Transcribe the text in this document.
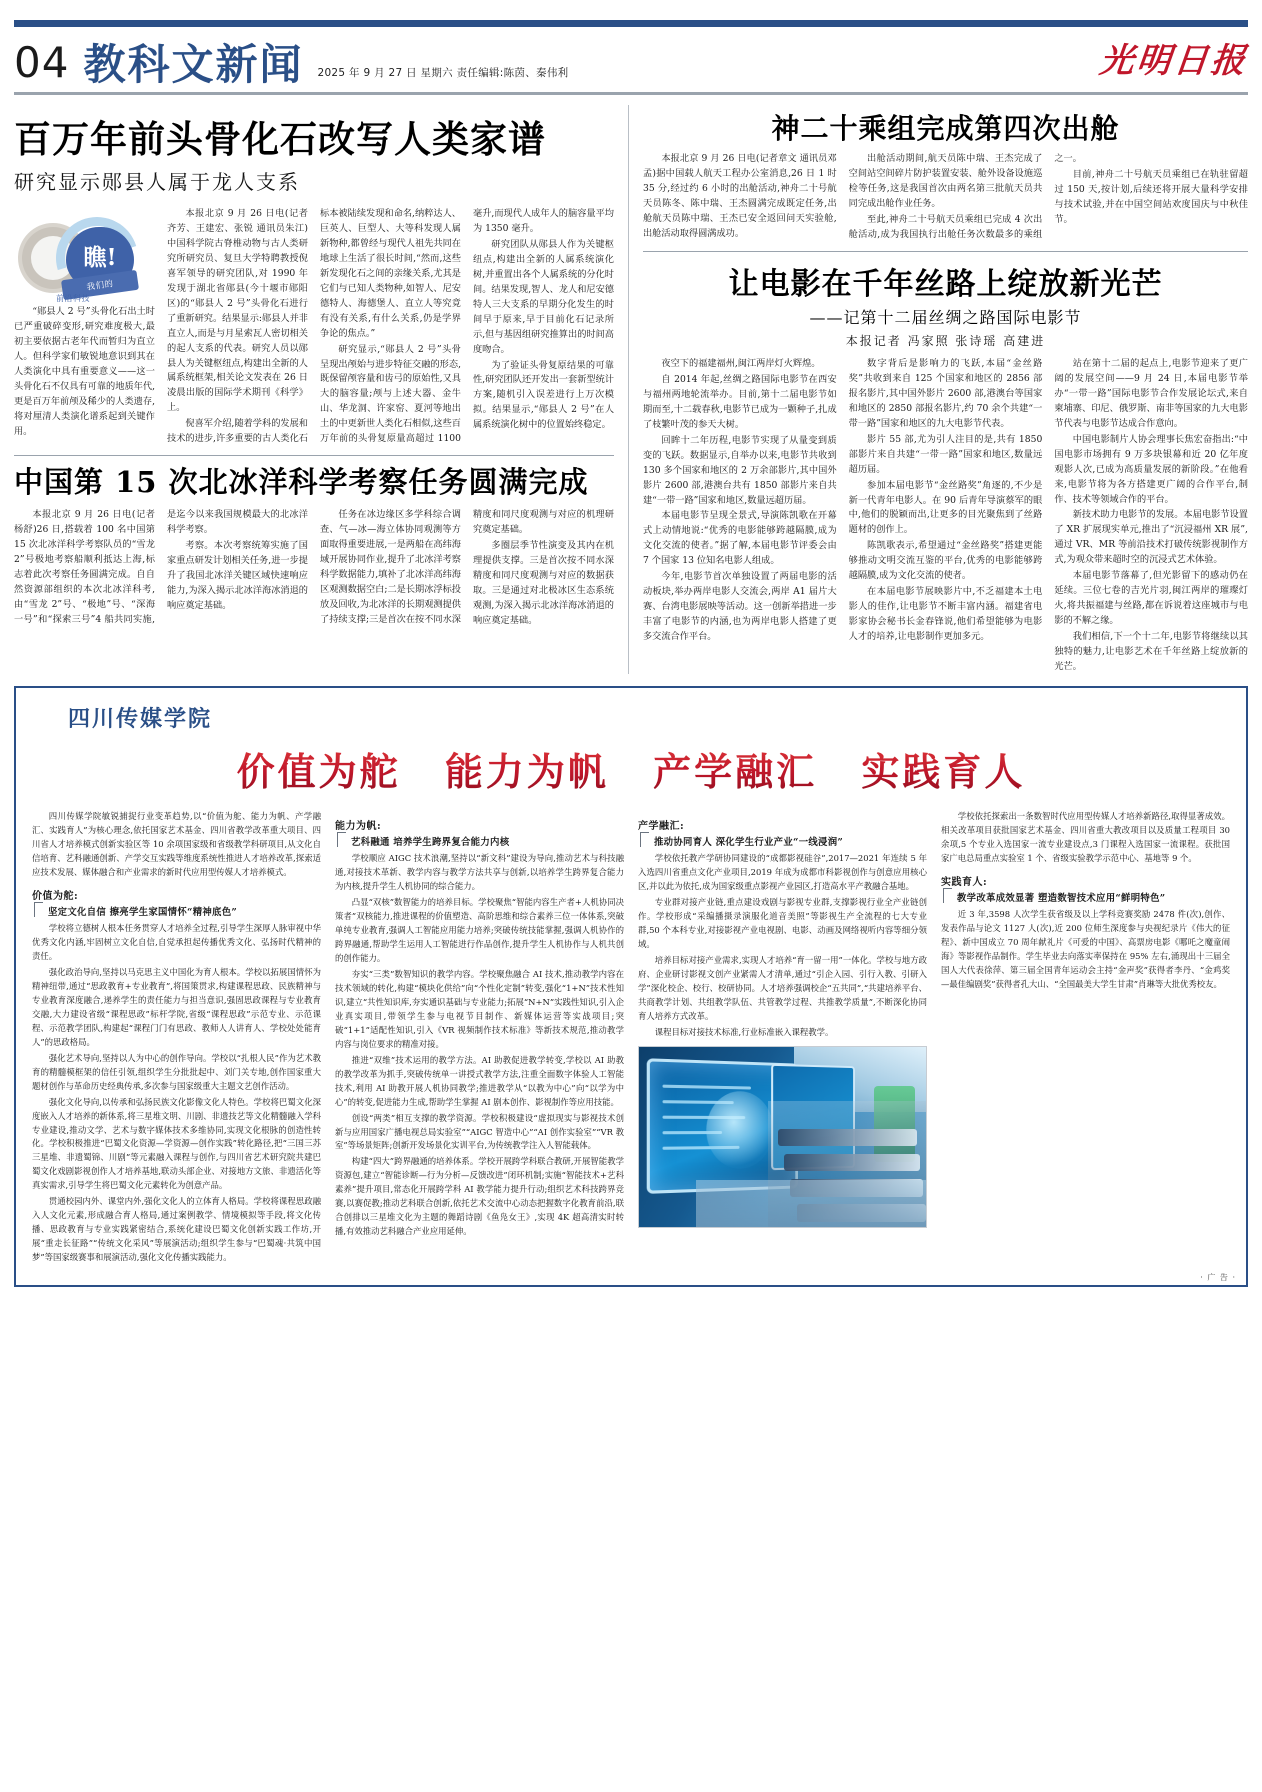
04 教科文新闻 2025 年 9 月 27 日 星期六 责任编辑:陈茵、秦伟利	光明日报
百万年前头骨化石改写人类家谱
研究显示郧县人属于龙人支系
瞧!
我们的
前沿科技

“郧县人 2 号”头骨化石出土时已严重破碎变形,研究难度极大,最初主要依据古老年代而暂归为直立人。但科学家们敏锐地意识到其在人类演化中具有重要意义——这一头骨化石不仅具有可靠的地质年代,更是百万年前颅及稀少的人类遗存,将对厘清人类演化谱系起到关键作用。

本报北京 9 月 26 日电(记者齐芳、王建宏、张锐 通讯员朱江)中国科学院古脊椎动物与古人类研究所研究员、复旦大学特聘教授倪喜军领导的研究团队,对 1990 年发现于湖北省郧县(今十堰市郧阳区)的“郧县人 2 号”头骨化石进行了重新研究。结果显示:郧县人并非直立人,而是与月星索瓦人密切相关的起人支系的代表。研究人员以郧县人为关键枢纽点,构建出全新的人属系统框架,相关论文发表在 26 日凌晨出版的国际学术期刊《科学》上。

倪喜军介绍,随着学科的发展和技术的进步,许多重要的古人类化石标本被陆续发现和命名,纳粹达人、巨英人、巨型人、大等科发现人属新物种,都曾经与现代人祖先共同在地球上生活了很长时间,“然而,这些新发现化石之间的亲缘关系,尤其是它们与已知人类物种,如智人、尼安德特人、海德堡人、直立人等究竟有没有关系,有什么关系,仍是学界争论的焦点。”

研究显示,“郧县人 2 号”头骨呈现出颅始与进步特征交融的形态,既保留颅容量和齿弓的原始性,又具大的脑容量;颅与上述大器、金牛山、华龙洞、许家窑、夏河等地出土的中更新世人类化石相似,这些百万年前的头骨复原量高超过 1100 毫升,而现代人成年人的脑容量平均为 1350 毫升。

研究团队从郧县人作为关键枢纽点,构建出全新的人属系统演化树,并重置出各个人属系统的分化时间。结果发现,智人、龙人和尼安德特人三大支系的早期分化发生的时间早于原来,早于目前化石记录所示,但与基因组研究推算出的时间高度吻合。

为了验证头骨复原结果的可靠性,研究团队还开发出一套新型统计方案,随机引入误差进行上万次模拟。结果显示,“郧县人 2 号”在人属系统演化树中的位置始终稳定。

中国第 15 次北冰洋科学考察任务圆满完成

本报北京 9 月 26 日电(记者杨舒)26 日,搭载着 100 名中国第 15 次北冰洋科学考察队员的“雪龙 2”号极地考察船顺利抵达上海,标志着此次考察任务圆满完成。自自然资源部组织的本次北冰洋科考,由“雪龙 2”号、“极地”号、“深海一号”和“探索三号”4 船共同实施,是迄今以来我国规模最大的北冰洋科学考察。

考察。本次考察统筹实施了国家重点研发计划相关任务,进一步提升了我国北冰洋关键区域快速响应能力,为深入揭示北冰洋海冰消退的响应奠定基础。

任务在冰边缘区多学科综合调查、气—冰—海立体协同观测等方面取得重要进展,一是两船在高纬海域开展协同作业,提升了北冰洋考察科学数据能力,填补了北冰洋高纬海区观测数据空白;二是长期冰浮标投放及回收,为北冰洋的长期观测提供了持续支撑;三是首次在按不同水深精度和同尺度观测与对应的机理研究奠定基础。

多圈层季节性演变及其内在机理提供支撑。三是首次按不同水深精度和同尺度观测与对应的数据获取。三是通过对北极冰区生态系统观测,为深入揭示北冰洋海冰消退的响应奠定基础。

神二十乘组完成第四次出舱

本报北京 9 月 26 日电(记者章文 通讯员邓孟)据中国载人航天工程办公室消息,26 日 1 时 35 分,经过约 6 小时的出舱活动,神舟二十号航天员陈冬、陈中瑞、王杰圆满完成既定任务,出舱航天员陈中瑞、王杰已安全返回问天实验舱,出舱活动取得圆满成功。

出舱活动期间,航天员陈中瑞、王杰完成了空间站空间碎片防护装置安装、舱外设备设施巡检等任务,这是我国首次由两名第三批航天员共同完成出舱作业任务。

至此,神舟二十号航天员乘组已完成 4 次出舱活动,成为我国执行出舱任务次数最多的乘组之一。

目前,神舟二十号航天员乘组已在轨驻留超过 150 天,按计划,后续还将开展大量科学安排与技术试验,并在中国空间站欢度国庆与中秋佳节。

让电影在千年丝路上绽放新光芒
——记第十二届丝绸之路国际电影节
本报记者 冯家照 张诗瑶 高建进

夜空下的福建福州,闽江两岸灯火辉煌。

自 2014 年起,丝绸之路国际电影节在西安与福州两地轮流举办。目前,第十二届电影节如期而至,十二载春秋,电影节已成为一颗种子,扎成了枝繁叶茂的参天大树。

回眸十二年历程,电影节实现了从量变到质变的飞跃。数据显示,自举办以来,电影节共收到 130 多个国家和地区的 2 万余部影片,其中国外影片 2600 部,港澳台共有 1850 部影片来自共建“一带一路”国家和地区,数量远超历届。

本届电影节呈现全景式,导演陈凯歌在开幕式上动情地说:“优秀的电影能够跨越隔膜,成为文化交流的使者。”据了解,本届电影节评委会由 7 个国家 13 位知名电影人组成。

今年,电影节首次单独设置了两届电影的活动板块,举办两岸电影人交流会,两岸 A1 届片大赛、台湾电影展映等活动。这一创新举措进一步丰富了电影节的内涵,也为两岸电影人搭建了更多交流合作平台。

数字背后是影响力的飞跃,本届“金丝路奖”共收到来自 125 个国家和地区的 2856 部报名影片,其中国外影片 2600 部,港澳台等国家和地区的 2850 部报名影片,约 70 余个共建“一带一路”国家和地区的九大电影节代表。

影片 55 部,尤为引人注目的是,共有 1850 部影片来自共建“一带一路”国家和地区,数量远超历届。

参加本届电影节“金丝路奖”角逐的,不少是新一代青年电影人。在 90 后青年导演蔡军的眼中,他们的脱颖而出,让更多的目光聚焦到了丝路题材的创作上。

陈凯歌表示,希望通过“金丝路奖”搭建更能够推动文明交流互鉴的平台,优秀的电影能够跨越隔膜,成为文化交流的使者。

在本届电影节展映影片中,不乏福建本土电影人的佳作,让电影节不断丰富内涵。福建省电影家协会秘书长金春锋说,他们希望能够为电影人才的培养,让电影制作更加多元。

站在第十二届的起点上,电影节迎来了更广阔的发展空间——9 月 24 日,本届电影节举办“一带一路”国际电影节合作发展论坛式,来自柬埔寨、印尼、俄罗斯、南非等国家的九大电影节代表与电影节达成合作意向。

中国电影制片人协会理事长焦宏奋指出:“中国电影市场拥有 9 万多块银幕和近 20 亿年度观影人次,已成为高质量发展的新阶段。”在他看来,电影节将为各方搭建更广阔的合作平台,制作、技术等领域合作的平台。

新技术助力电影节的发展。本届电影节设置了 XR 扩展现实单元,推出了“沉浸福州 XR 展”,通过 VR、MR 等前沿技术打破传统影视制作方式,为观众带来超时空的沉浸式艺术体验。

本届电影节落幕了,但光影留下的感动仍在延续。三位七卷的吉光片羽,闽江两岸的璀璨灯火,将共振福建与丝路,都在诉说着这座城市与电影的不解之缘。

我们相信,下一个十二年,电影节将继续以其独特的魅力,让电影艺术在千年丝路上绽放新的光芒。

四川传媒学院
价值为舵 能力为帆 产学融汇 实践育人

四川传媒学院敏锐捕捉行业变革趋势,以“价值为舵、能力为帆、产学融汇、实践育人”为核心理念,依托国家艺术基金、四川省教学改革重大项目、四川省人才培养模式创新实验区等 10 余项国家级和省级教学科研项目,从文化自信培育、艺科融通创新、产学交互实践等维度系统性推进人才培养改革,探索适应技术发展、媒体融合和产业需求的新时代应用型传媒人才培养模式。

价值为舵:
坚定文化自信 擦亮学生家国情怀“精神底色”

学校将立德树人根本任务贯穿人才培养全过程,引导学生深厚人脉审视中华优秀文化内涵,牢固树立文化自信,自觉承担起传播优秀文化、弘扬时代精神的责任。

强化政治导向,坚持以马克思主义中国化为育人根本。学校以拓展国情怀为精神纽带,通过“思政教育+专业教育”,将国策贯求,构建课程思政、民族精神与专业教育深度融合,递养学生的责任能力与担当意识,强固思政课程与专业教育交融,大力建设省级“课程思政”标杆学院,省级“课程思政”示范专业、示范课程、示范教学团队,构建起“课程门门有思政、教师人人讲育人、学校处处能育人”的思政格局。

强化艺术导向,坚持以人为中心的创作导向。学校以“扎根人民”作为艺术教育的精髓模框架的信任引领,组织学生分批批起中、刘门关专地,创作国家重大题材创作与革命历史经典传承,多次参与国家级重大主题文艺创作活动。

强化文化导向,以传承和弘扬民族文化影像文化人特色。学校将巴蜀文化深度嵌入人才培养的新体系,将三星堆文明、川剧、非遗技艺等文化精髓融入学科专业建设,推动文学、艺术与数字媒体技术多维协同,实现文化根脉的创造性转化。学校积极推进“巴蜀文化资源—学资源—创作实践”转化路径,把“三国三苏三星堆、非遗蜀锦、川剧”等元素融入课程与创作,与四川省艺术研究院共建巴蜀文化戏剧影视创作人才培养基地,联动头部企业、对接地方文旅、非遗活化等真实需求,引导学生将巴蜀文化元素转化为创意产品。

贯通校园内外、课堂内外,强化文化人的立体育人格局。学校将课程思政融入人文化元素,形成融合育人格局,通过案例教学、情境模拟等手段,将文化传播、思政教育与专业实践紧密结合,系统化建设巴蜀文化创新实践工作坊,开展“重走长征路”“传统文化采风”等展演活动;组织学生参与“巴蜀魂·共筑中国梦”等国家级赛事和展演活动,强化文化传播实践能力。

能力为帆:
艺科融通 培养学生跨界复合能力内核

学校顺应 AIGC 技术浪潮,坚持以“新文科”建设为导向,推动艺术与科技融通,对接技术革新、教学内容与教学方法共享与创新,以培养学生跨界复合能力为内核,提升学生人机协同的综合能力。

凸显“双核”数智能力的培养目标。学校聚焦“智能内容生产者+人机协同决策者”双核能力,推进课程的价值塑造、高阶思维和综合素养三位一体体系,突破单纯专业教育,强调人工智能应用能力培养;突破传统技能掌握,强调人机协作的跨界融通,帮助学生运用人工智能进行作品创作,提升学生人机协作与人机共创的创作能力。

夯实“三类”数智知识的教学内容。学校聚焦融合 AI 技术,推动教学内容在技术领域的转化,构建“模块化供给”向“个性化定制”转变,强化“1+N”技术性知识,建立“共性知识库,夯实通识基础与专业能力;拓展“N+N”实践性知识,引入企业真实项目,带领学生参与电视节目制作、新媒体运营等实战项目;突破“1+1”适配性知识,引入《VR 视频制作技术标准》等新技术规范,推动教学内容与岗位要求的精准对接。

推进“双维”技术运用的教学方法。AI 助教促进教学转变,学校以 AI 助教的教学改革为抓手,突破传统单一讲授式教学方法,注重全面数字体验人工智能技术,利用 AI 助教开展人机协同教学;推进教学从“以教为中心”向“以学为中心”的转变,促进能力生成,帮助学生掌握 AI 剧本创作、影视制作等应用技能。

创设“两类”相互支撑的教学资源。学校积极建设“虚拟现实与影视技术创新与应用国家广播电视总局实验室”“AIGC 智造中心”“AI 创作实验室”“VR 教室”等场景矩阵;创新开发场景化实训平台,为传统教学注入人智能载体。

构建“四大”跨界融通的培养体系。学校开展跨学科联合教研,开展智能教学资源包,建立“智能诊断—行为分析—反馈改进”闭环机制;实施“智能技术+艺科素养”提升项目,常态化开展跨学科 AI 教学能力提升行动;组织艺术科技跨界竞赛,以赛促教;推动艺科联合创新,依托艺术交流中心动态把握数字化教育前沿,联合创排以三星堆文化为主题的舞蹈诗剧《鱼凫女王》,实现 4K 超高清实时转播,有效推动艺科融合产业应用延伸。

产学融汇:
推动协同育人 深化学生行业产业“一线浸润”

学校依托教产学研协同建设的“成都影视硅谷”,2017—2021 年连续 5 年入选四川省重点文化产业项目,2019 年成为成都市科影视创作与创意应用核心区,并以此为依托,成为国家级重点影视产业园区,打造高水平产教融合基地。

专业群对接产业链,重点建设戏剧与影视专业群,支撑影视行业全产业链创作。学校形成“采编播摄录演服化道音美照”等影视生产全流程的七大专业群,50 个本科专业,对接影视产业电视剧、电影、动画及网络视听内容等细分领域。

培养目标对接产业需求,实现人才培养“育一留一用”一体化。学校与地方政府、企业研讨影视文创产业紧需人才清单,通过“引企入园、引行入教、引研入学”深化校企、校行、校研协同。人才培养强调校企“五共同”,“共建培养平台、共商教学计划、共组教学队伍、共管教学过程、共推教学质量”,不断深化协同育人培养方式改革。

课程目标对接技术标准,行业标准嵌入课程教学。

学校依托探索出一条数智时代应用型传媒人才培养新路径,取得显著成效。相关改革项目获批国家艺术基金、四川省重大教改项目以及质量工程项目 30 余项,5 个专业入选国家一流专业建设点,3 门课程入选国家一流课程。获批国家广电总局重点实验室 1 个、省级实验教学示范中心、基地等 9 个。

实践育人:
教学改革成效显著 塑造数智技术应用“鲜明特色”

近 3 年,3598 人次学生获省级及以上学科竞赛奖励 2478 件(次),创作、发表作品与论文 1127 人(次),近 200 位师生深度参与央视纪录片《伟大的征程》、新中国成立 70 周年献礼片《可爱的中国》、高票房电影《哪吒之魔童闹海》等影视作品制作。学生毕业去向落实率保持在 95% 左右,涌现出十三届全国人大代表徐萍、第三届全国青年运动会主持“金声奖”获得者李丹、“金鸡奖—最佳编剧奖”获得者孔大山、“全国最美大学生甘肃”肖琳等大批优秀校友。

· 广 告 ·
